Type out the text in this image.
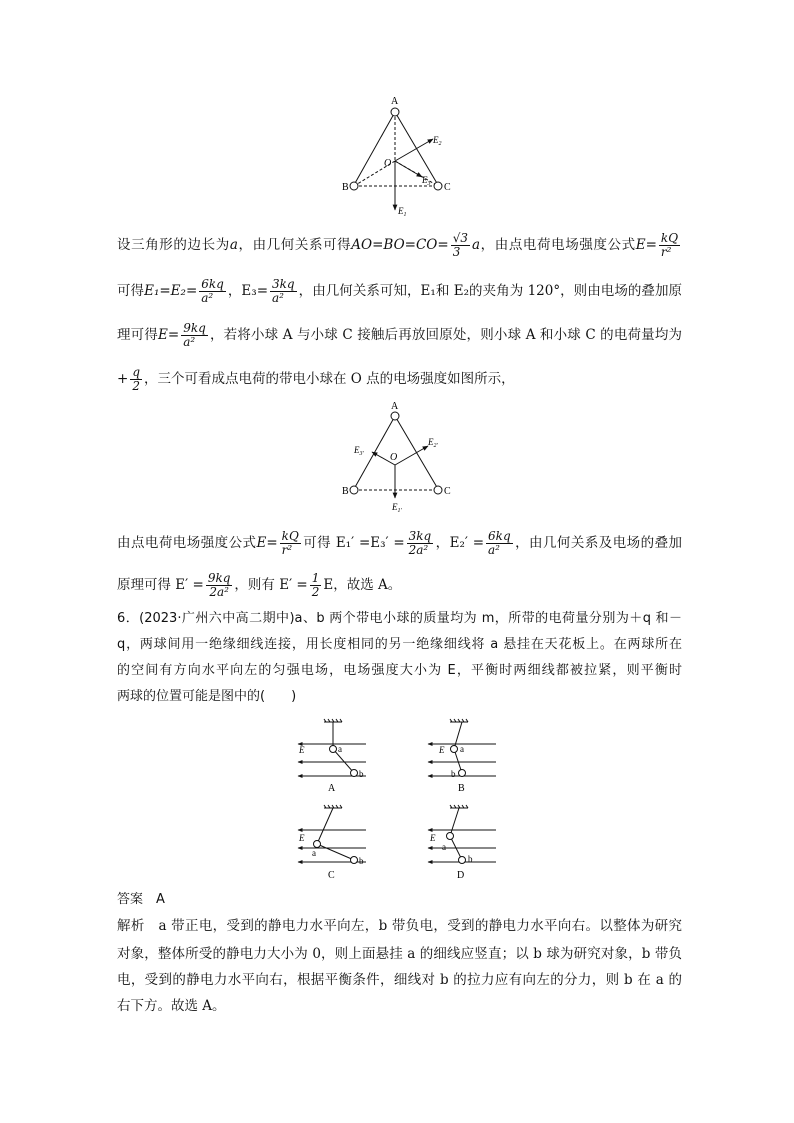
A
B	C
O
$E_1$
$E_2$
$E_3$
设三角形的边长为a，由几何关系可得$AO=BO=CO= \frac{√3}{3}$ a，由点电荷电场强度公式$E= \frac{kQ}{\text{r²}}$
可得$E_1=E_2= \frac{6kq}{\text{a²}}$ ，$E_3= \frac{3kq}{\text{a²}}$ ，由几何关系可知，E₁和 E₂的夹角为 120°，则由电场的叠加原
理可得$E= \frac{9kq}{\text{a²}}$ ，若将小球 A 与小球 C 接触后再放回原处，则小球 A 和小球 C 的电荷量均为
+ $\frac{q}{2}$ ，三个可看成点电荷的带电小球在 O 点的电场强度如图所示，
A
B	C
O
$E_{1'}$
$E_{2'}$
$E_{3'}$
由点电荷电场强度公式$E= \frac{kQ}{\text{r²}}$ 可得 $E_1' =E_3' = \frac{3kq}{\text{2a²}}$ ，$E_2' = \frac{6kq}{\text{a²}}$ ，由几何关系及电场的叠加
原理可得 $E' = \frac{9kq}{\text{2a²}}$ ，则有 $E' = \frac{1}{2}$ E，故选 A。
6．(2023·广州六中高二期中)a、b 两个带电小球的质量均为 m，所带的电荷量分别为＋q 和－
q，两球间用一绝缘细线连接，用长度相同的另一绝缘细线将 a 悬挂在天花板上。在两球所在
的空间有方向水平向左的匀强电场，电场强度大小为 E，平衡时两细线都被拉紧，则平衡时
两球的位置可能是图中的(　　)
E	a
b
A
E a
b
B
E
a
b
C
E
a
b
D
答案　 A
解析　 a 带正电，受到的静电力水平向左，b 带负电，受到的静电力水平向右。以整体为研究
对象，整体所受的静电力大小为 0，则上面悬挂 a 的细线应竖直；以 b 球为研究对象，b 带负
电，受到的静电力水平向右，根据平衡条件，细线对 b 的拉力应有向左的分力，则 b 在 a 的
右下方。故选 A。
